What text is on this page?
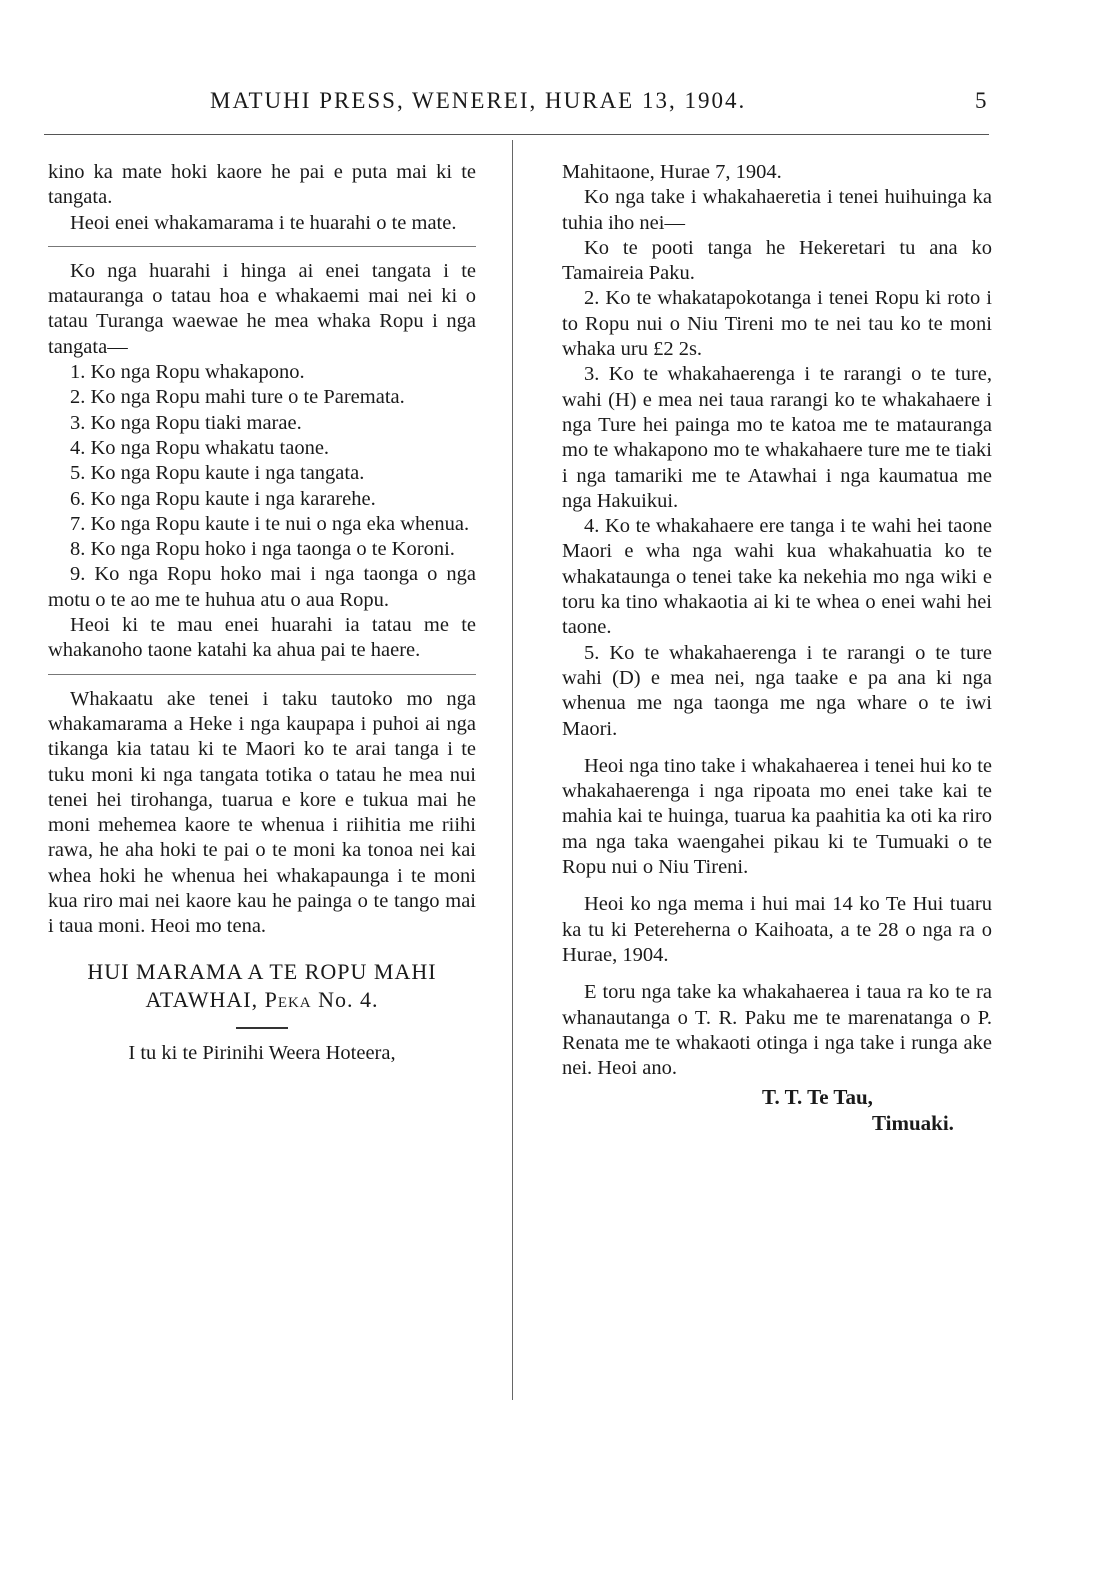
MATUHI PRESS, WENEREI, HURAE 13, 1904.	5

kino ka mate hoki kaore he pai e puta mai ki te tangata.

Heoi enei whakamarama i te huarahi o te mate.

Ko nga huarahi i hinga ai enei tangata i te matauranga o tatau hoa e whakaemi mai nei ki o tatau Turanga waewae he mea whaka Ropu i nga tangata—

1. Ko nga Ropu whakapono.

2. Ko nga Ropu mahi ture o te Paremata.

3. Ko nga Ropu tiaki marae.

4. Ko nga Ropu whakatu taone.

5. Ko nga Ropu kaute i nga tangata.

6. Ko nga Ropu kaute i nga kararehe.

7. Ko nga Ropu kaute i te nui o nga eka whenua.

8. Ko nga Ropu hoko i nga taonga o te Koroni.

9. Ko nga Ropu hoko mai i nga taonga o nga motu o te ao me te huhua atu o aua Ropu.

Heoi ki te mau enei huarahi ia tatau me te whakanoho taone katahi ka ahua pai te haere.

Whakaatu ake tenei i taku tautoko mo nga whakamarama a Heke i nga kaupapa i puhoi ai nga tikanga kia tatau ki te Maori ko te arai tanga i te tuku moni ki nga tangata totika o tatau he mea nui tenei hei tirohanga, tuarua e kore e tukua mai he moni mehemea kaore te whenua i riihitia me riihi rawa, he aha hoki te pai o te moni ka tonoa nei kai whea hoki he whenua hei whakapaunga i te moni kua riro mai nei kaore kau he painga o te tango mai i taua moni. Heoi mo tena.

HUI MARAMA A TE ROPU MAHI
ATAWHAI, PEKA No. 4.

I tu ki te Pirinihi Weera Hoteera,

Mahitaone, Hurae 7, 1904.

Ko nga take i whakahaeretia i tenei huihuinga ka tuhia iho nei—

Ko te pooti tanga he Hekeretari tu ana ko Tamaireia Paku.

2. Ko te whakatapokotanga i tenei Ropu ki roto i to Ropu nui o Niu Tireni mo te nei tau ko te moni whaka uru £2 2s.

3. Ko te whakahaerenga i te rarangi o te ture, wahi (H) e mea nei taua rarangi ko te whakahaere i nga Ture hei painga mo te katoa me te matauranga mo te whakapono mo te whakahaere ture me te tiaki i nga tamariki me te Atawhai i nga kaumatua me nga Hakuikui.

4. Ko te whakahaere ere tanga i te wahi hei taone Maori e wha nga wahi kua whakahuatia ko te whakataunga o tenei take ka nekehia mo nga wiki e toru ka tino whakaotia ai ki te whea o enei wahi hei taone.

5. Ko te whakahaerenga i te rarangi o te ture wahi (D) e mea nei, nga taake e pa ana ki nga whenua me nga taonga me nga whare o te iwi Maori.

Heoi nga tino take i whakahaerea i tenei hui ko te whakahaerenga i nga ripoata mo enei take kai te mahia kai te huinga, tuarua ka paahitia ka oti ka riro ma nga taka waengahei pikau ki te Tumuaki o te Ropu nui o Niu Tireni.

Heoi ko nga mema i hui mai 14 ko Te Hui tuaru ka tu ki Petereherna o Kaihoata, a te 28 o nga ra o Hurae, 1904.

E toru nga take ka whakahaerea i taua ra ko te ra whanautanga o T. R. Paku me te marenatanga o P. Renata me te whakaoti otinga i nga take i runga ake nei. Heoi ano.

T. T. Te Tau,
Timuaki.
